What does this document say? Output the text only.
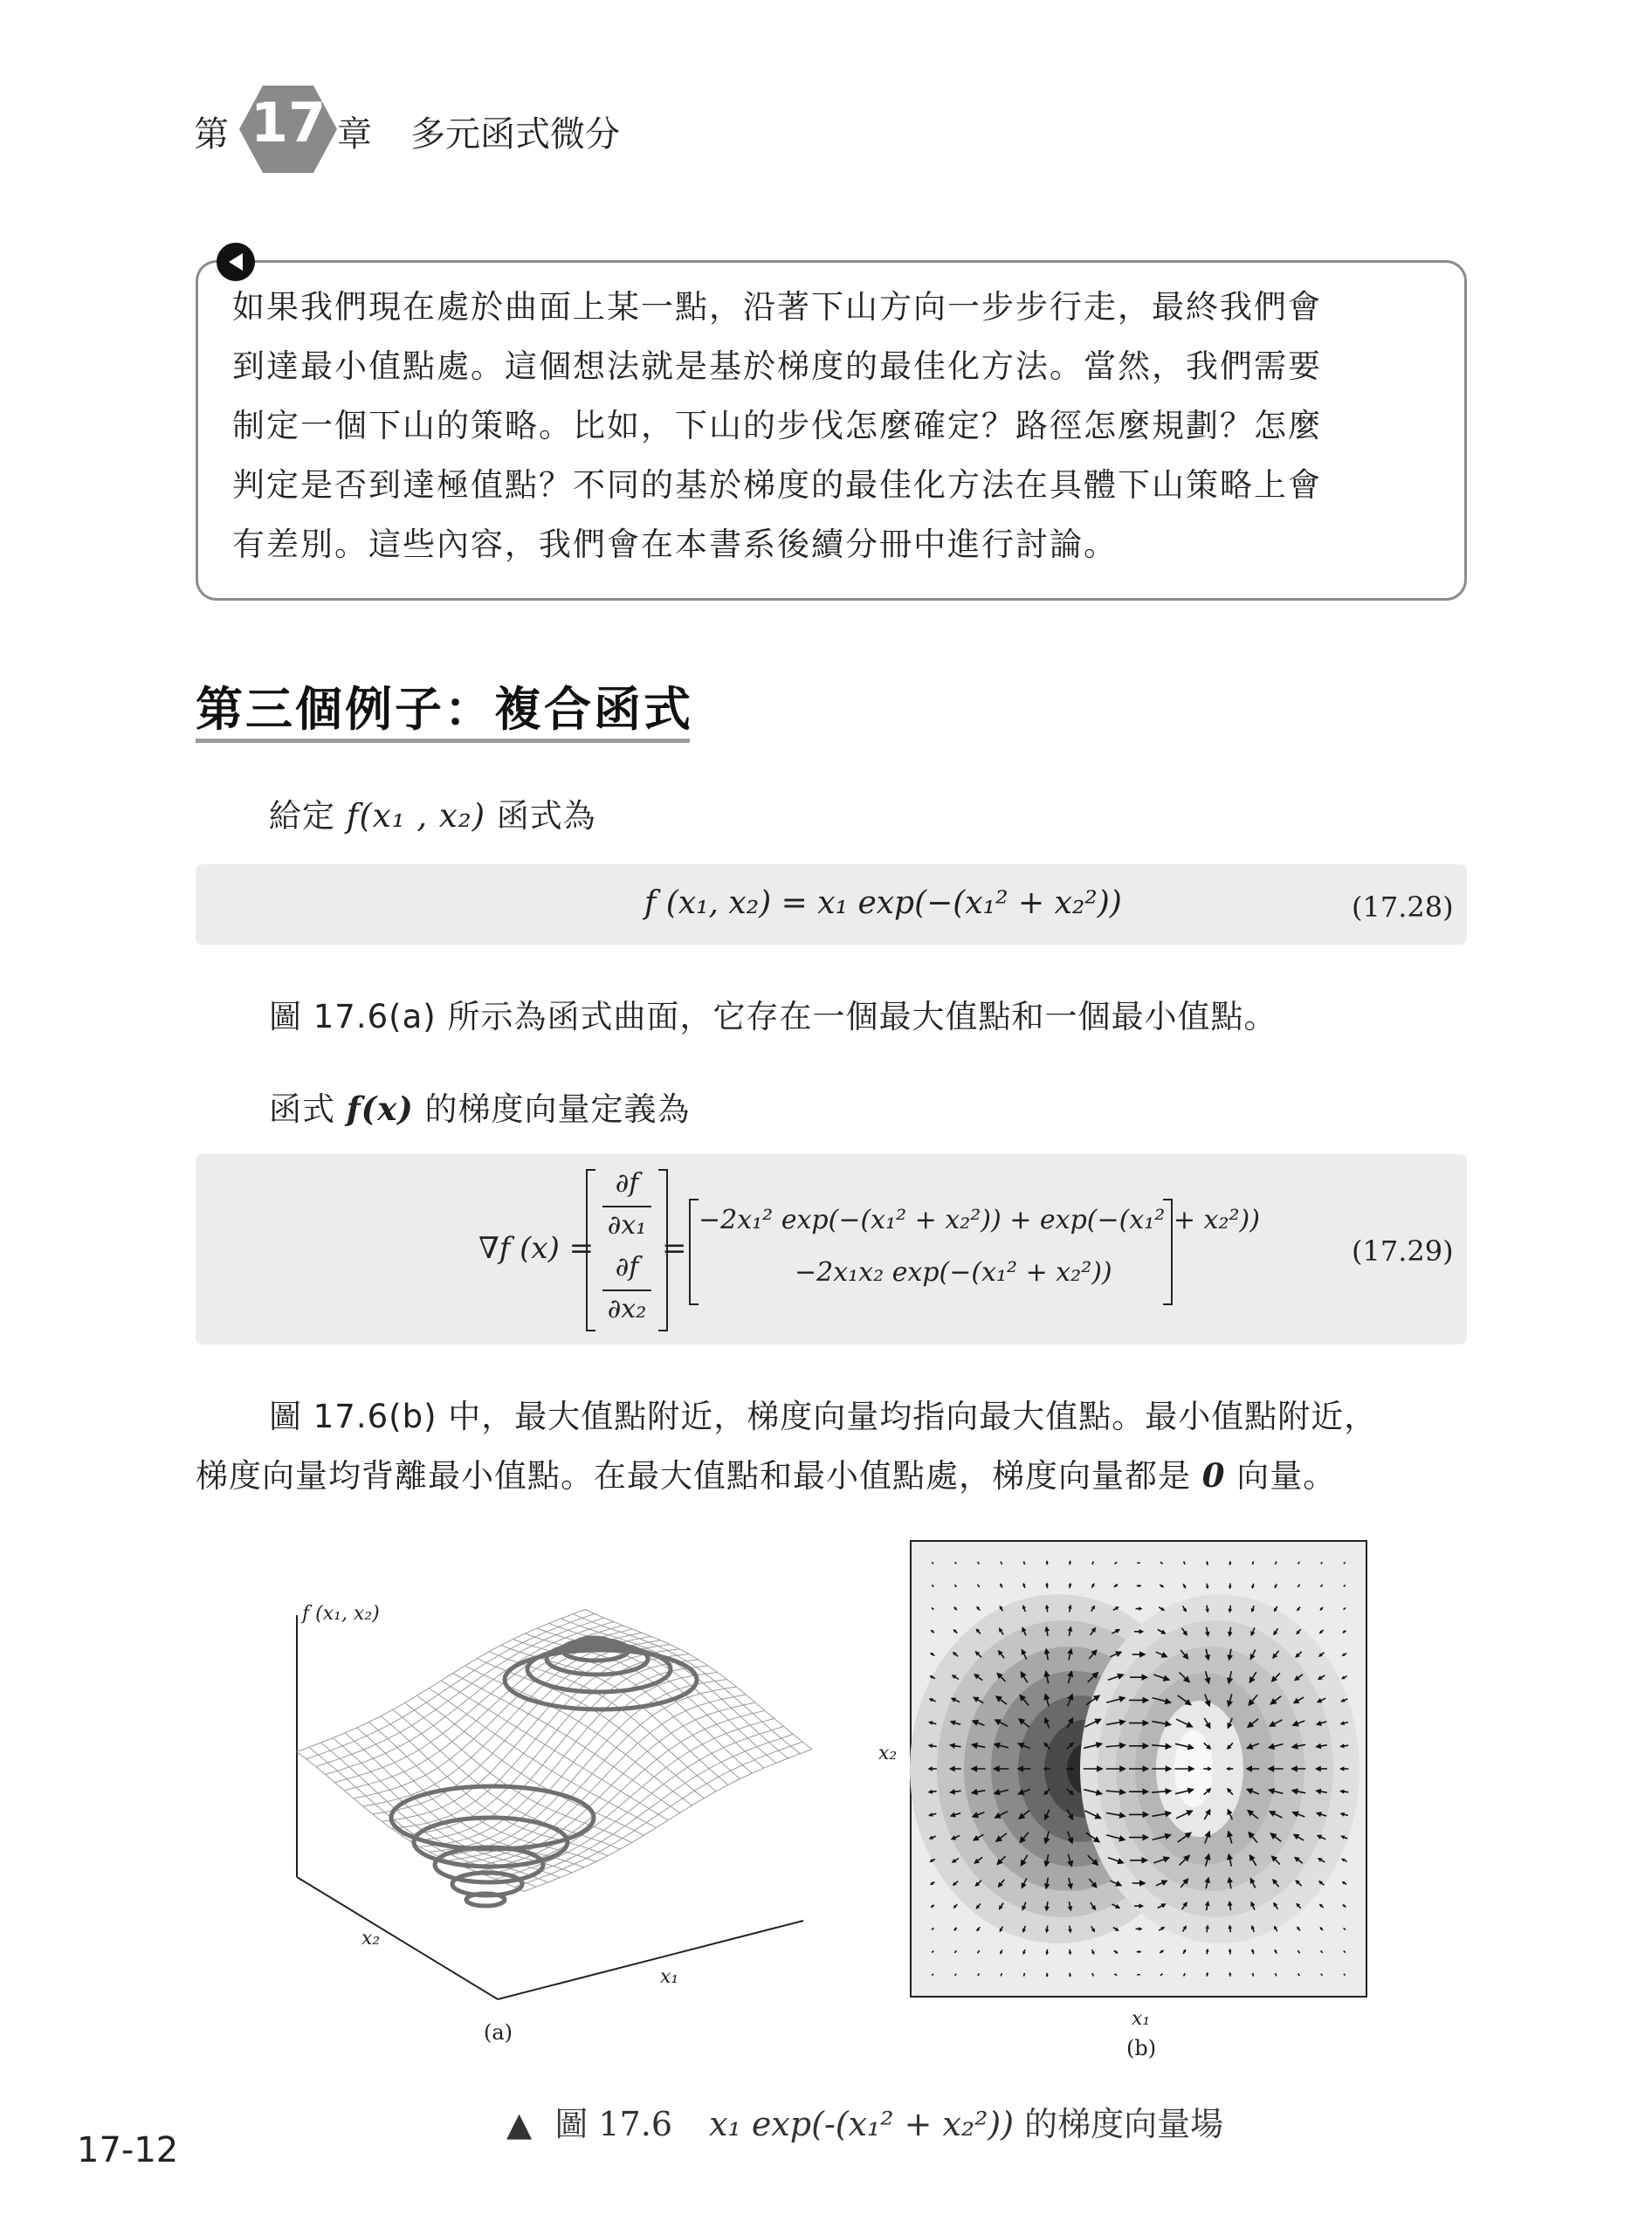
第 17 章 多元函式微分
如果我們現在處於曲面上某一點，沿著下山方向一步步行走，最終我們會
到達最小值點處。這個想法就是基於梯度的最佳化方法。當然，我們需要
制定一個下山的策略。比如，下山的步伐怎麼確定？路徑怎麼規劃？怎麼
判定是否到達極值點？不同的基於梯度的最佳化方法在具體下山策略上會
有差別。這些內容，我們會在本書系後續分冊中進行討論。
第三個例子：複合函式
給定 f(x₁ , x₂) 函式為
f (x₁, x₂) = x₁ exp(−(x₁² + x₂²))	(17.28)
圖 17.6(a) 所示為函式曲面，它存在一個最大值點和一個最小值點。
函式 f(x) 的梯度向量定義為
∇f (x) =
∂f
∂x₁
∂f
∂x₂
=
−2x₁² exp(−(x₁² + x₂²)) + exp(−(x₁² + x₂²))
−2x₁x₂ exp(−(x₁² + x₂²))
(17.29)
圖 17.6(b) 中，最大值點附近，梯度向量均指向最大值點。最小值點附近，
梯度向量均背離最小值點。在最大值點和最小值點處，梯度向量都是 0 向量。
f (x₁, x₂)
x₂
x₁
(a)
x₂
x₁
(b)
▲ 圖 17.6 x₁ exp(-(x₁² + x₂²)) 的梯度向量場
17-12
